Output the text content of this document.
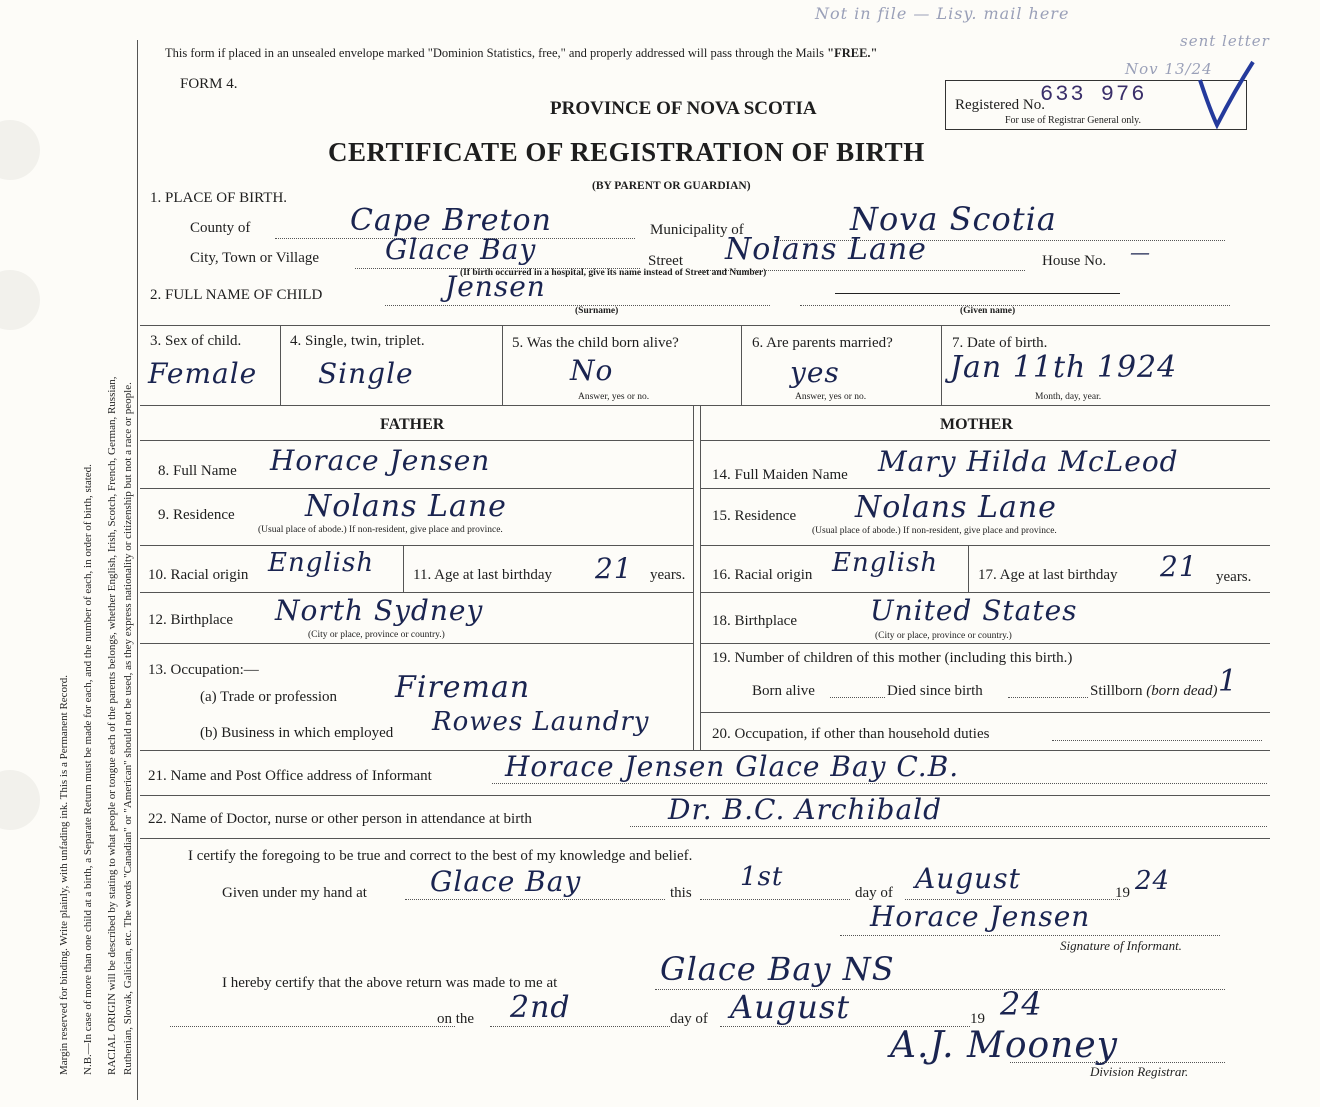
Margin reserved for binding. Write plainly, with unfading ink. This is a Permanent Record. N.B.—In case of more than one child at a birth, a Separate Return must be made for each, and the number of each, in order of birth, stated. RACIAL ORIGIN will be described by stating to what people or tongue each of the parents belongs, whether English, Irish, Scotch, French, German, Russian, Ruthenian, Slovak, Galician, etc. The words "Canadian" or "American" should not be used, as they express nationality or citizenship but not a race or people.
This form if placed in an unsealed envelope marked "Dominion Statistics, free," and properly addressed will pass through the Mails "FREE."
FORM 4.
PROVINCE OF NOVA SCOTIA
CERTIFICATE OF REGISTRATION OF BIRTH
(BY PARENT OR GUARDIAN)
Registered No.
633 976
For use of Registrar General only.
Not in file — Lisy. mail here
sent letter
Nov 13/24
1. PLACE OF BIRTH.
County of	Cape Breton	Municipality of	Nova Scotia
City, Town or Village Glace Bay	Street Nolans Lane	House No. —
(If birth occurred in a hospital, give its name instead of Street and Number)
2. FULL NAME OF CHILD	Jensen
(Surname)	(Given name)
3. Sex of child.
Female
4. Single, twin, triplet.
Single
5. Was the child born alive?
No
Answer, yes or no.
6. Are parents married?
yes
Answer, yes or no.
7. Date of birth.
Jan 11th 1924
Month, day, year.
FATHER
8. Full Name Horace Jensen
9. Residence Nolans Lane
(Usual place of abode.) If non-resident, give place and province.
10. Racial origin English	11. Age at last birthday 21 years.
12. Birthplace North Sydney
(City or place, province or country.)
13. Occupation:—
(a) Trade or profession Fireman
(b) Business in which employed Rowes Laundry
MOTHER
14. Full Maiden Name Mary Hilda McLeod
15. Residence Nolans Lane
(Usual place of abode.) If non-resident, give place and province.
16. Racial origin English	17. Age at last birthday 21 years.
18. Birthplace	United States
(City or place, province or country.)
19. Number of children of this mother (including this birth.)
Born alive	Died since birth	Stillborn (born dead) 1
20. Occupation, if other than household duties
21. Name and Post Office address of Informant	Horace Jensen Glace Bay C.B.
22. Name of Doctor, nurse or other person in attendance at birth	Dr. B.C. Archibald
I certify the foregoing to be true and correct to the best of my knowledge and belief.
Given under my hand at Glace Bay	this
1st
day of August	19 24
Horace Jensen
Signature of Informant.
I hereby certify that the above return was made to me at	Glace Bay NS
on the 2nd	day of August	19 24
A.J. Mooney
Division Registrar.
